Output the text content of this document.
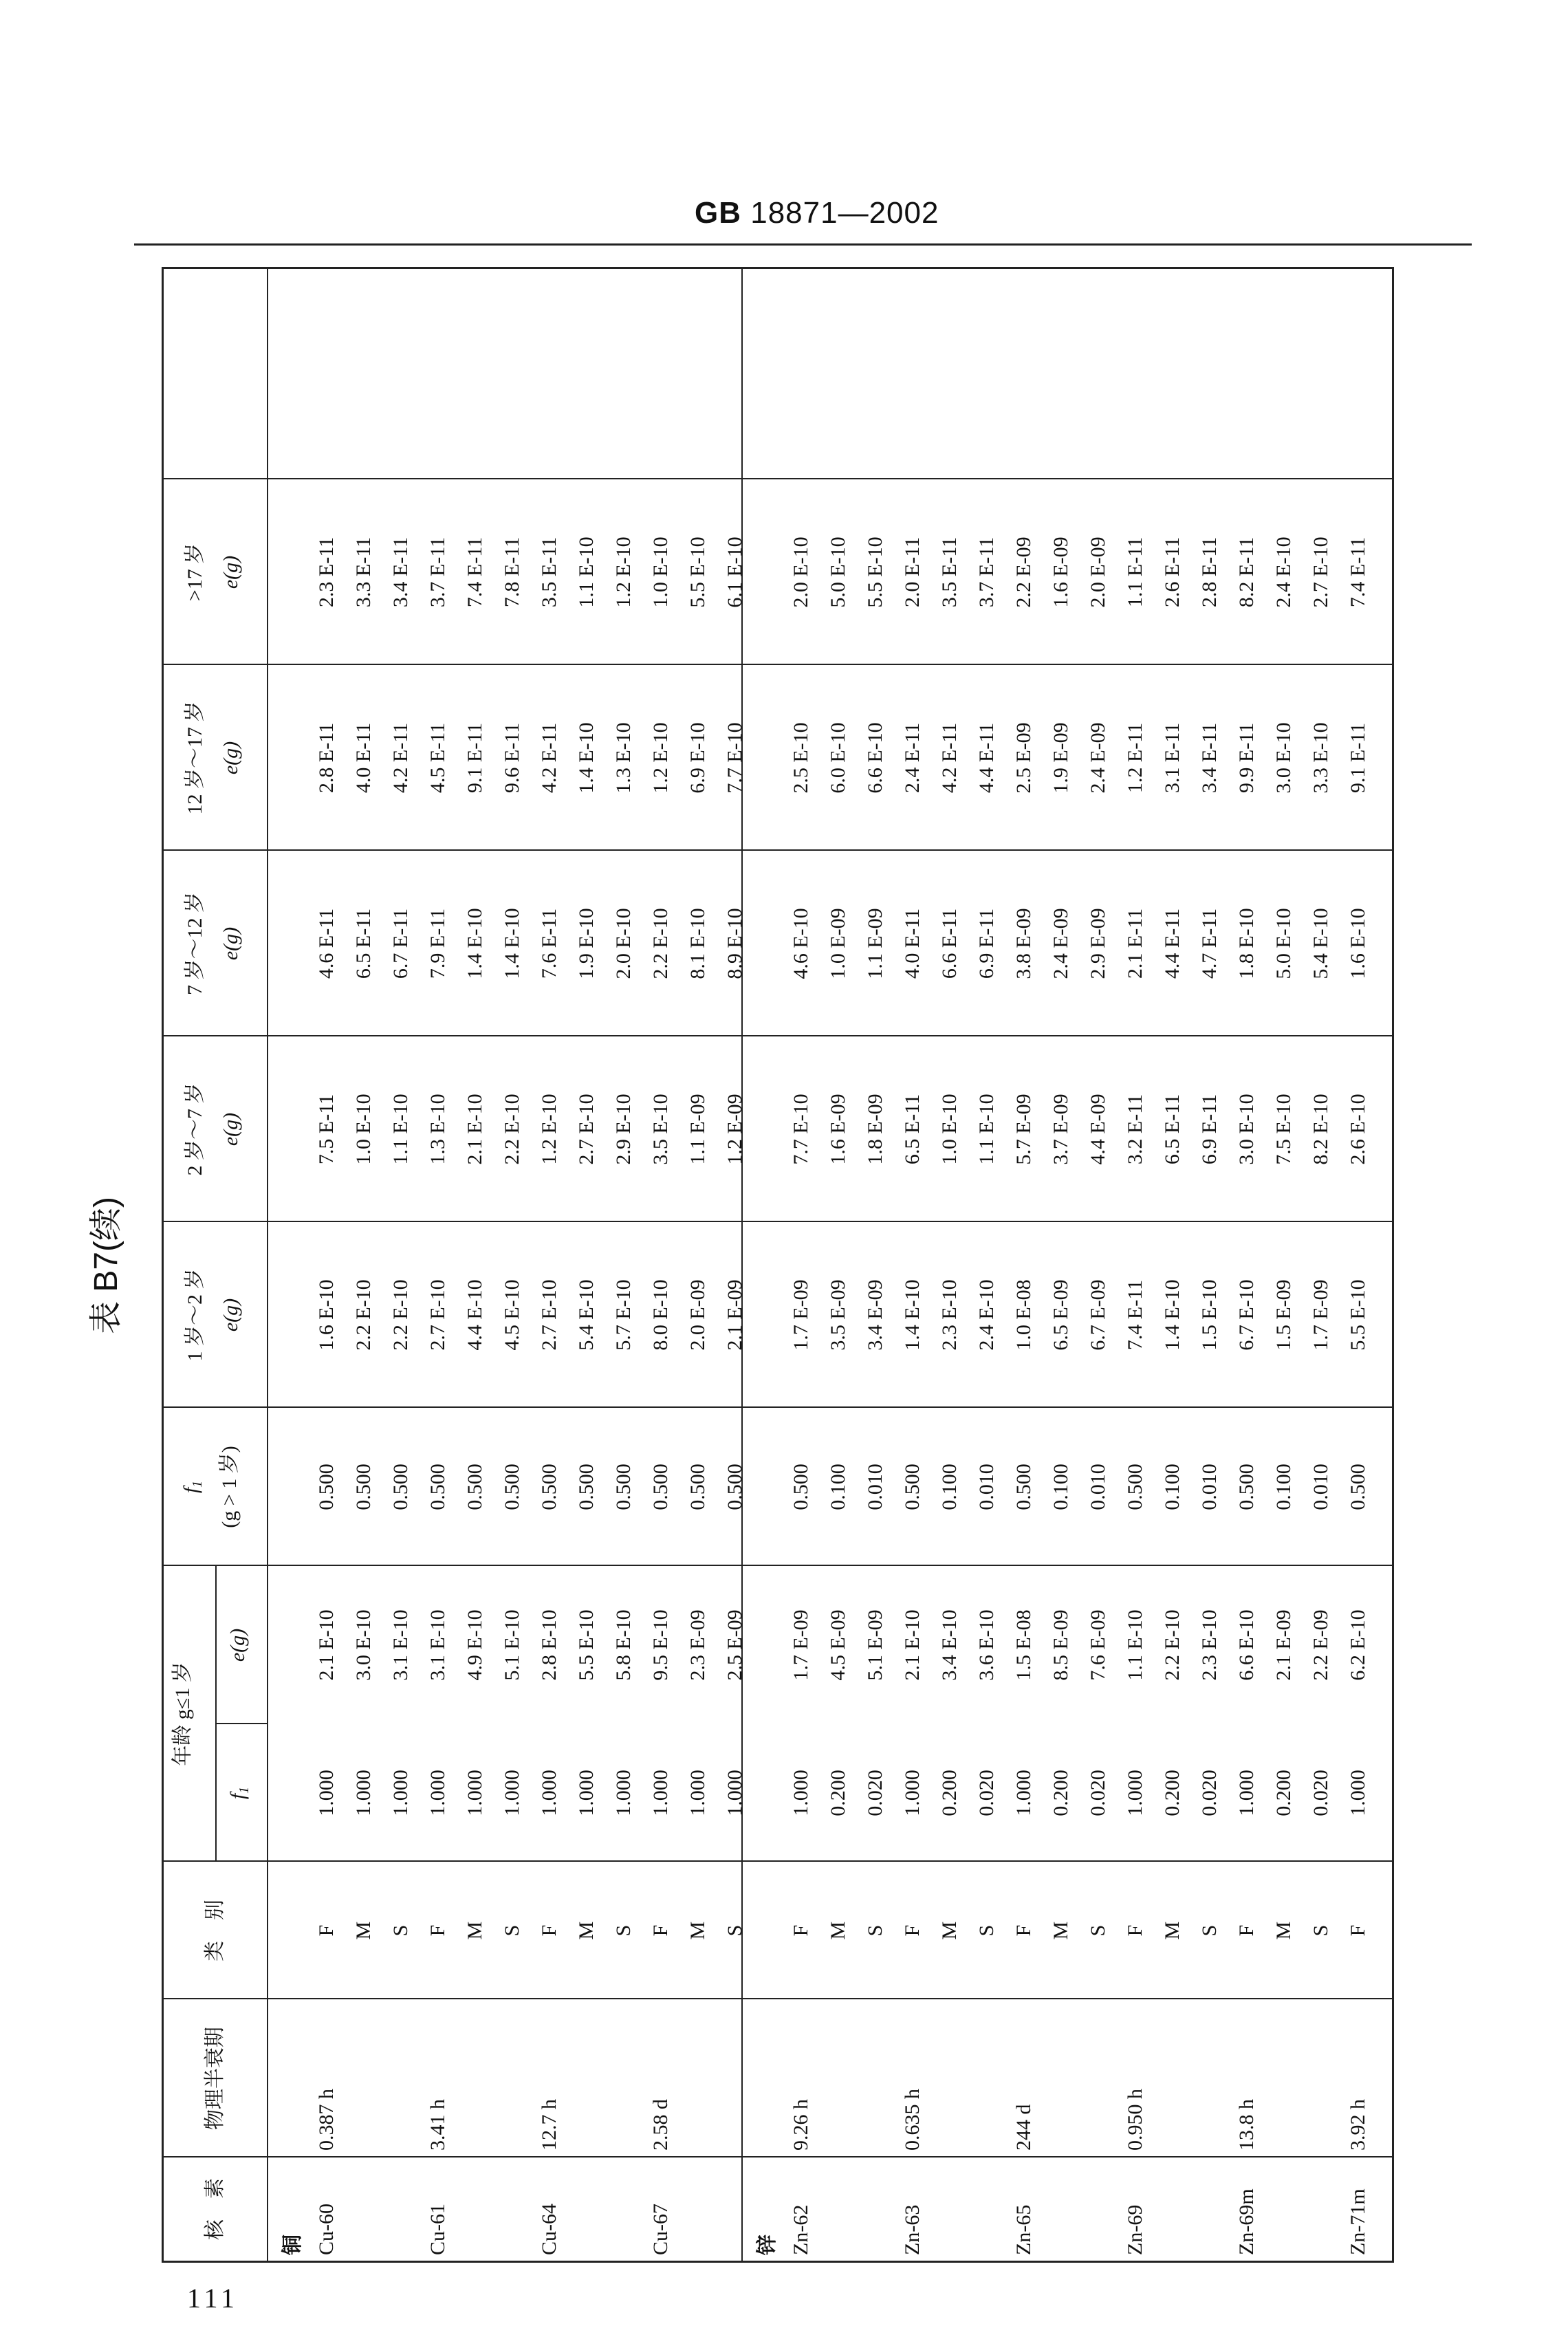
GB 18871—2002
表 B7(续)
核　素
物理半衰期
类　别
年龄 g≤1 岁
$f_1$
e(g)
$f_1$ (g > 1 岁)
1 岁～2 岁 e(g)
2 岁～7 岁 e(g)
7 岁～12 岁 e(g)
12 岁～17 岁 e(g)
>17 岁 e(g)
铜 Cu-60
0.387 h
F
1.000
2.1 E-10
0.500
1.6 E-10
7.5 E-11
4.6 E-11
2.8 E-11
2.3 E-11
M
1.000
3.0 E-10
0.500
2.2 E-10
1.0 E-10
6.5 E-11
4.0 E-11
3.3 E-11
S
1.000
3.1 E-10
0.500
2.2 E-10
1.1 E-10
6.7 E-11
4.2 E-11
3.4 E-11
Cu-61
3.41 h
F
1.000
3.1 E-10
0.500
2.7 E-10
1.3 E-10
7.9 E-11
4.5 E-11
3.7 E-11
M
1.000
4.9 E-10
0.500
4.4 E-10
2.1 E-10
1.4 E-10
9.1 E-11
7.4 E-11
S
1.000
5.1 E-10
0.500
4.5 E-10
2.2 E-10
1.4 E-10
9.6 E-11
7.8 E-11
Cu-64
12.7 h
F
1.000
2.8 E-10
0.500
2.7 E-10
1.2 E-10
7.6 E-11
4.2 E-11
3.5 E-11
M
1.000
5.5 E-10
0.500
5.4 E-10
2.7 E-10
1.9 E-10
1.4 E-10
1.1 E-10
S
1.000
5.8 E-10
0.500
5.7 E-10
2.9 E-10
2.0 E-10
1.3 E-10
1.2 E-10
Cu-67
2.58 d
F
1.000
9.5 E-10
0.500
8.0 E-10
3.5 E-10
2.2 E-10
1.2 E-10
1.0 E-10
M
1.000
2.3 E-09
0.500
2.0 E-09
1.1 E-09
8.1 E-10
6.9 E-10
5.5 E-10
S
1.000
2.5 E-09
0.500
2.1 E-09
1.2 E-09
8.9 E-10
7.7 E-10
6.1 E-10
锌 Zn-62
9.26 h
F
1.000
1.7 E-09
0.500
1.7 E-09
7.7 E-10
4.6 E-10
2.5 E-10
2.0 E-10
M
0.200
4.5 E-09
0.100
3.5 E-09
1.6 E-09
1.0 E-09
6.0 E-10
5.0 E-10
S
0.020
5.1 E-09
0.010
3.4 E-09
1.8 E-09
1.1 E-09
6.6 E-10
5.5 E-10
Zn-63
0.635 h
F
1.000
2.1 E-10
0.500
1.4 E-10
6.5 E-11
4.0 E-11
2.4 E-11
2.0 E-11
M
0.200
3.4 E-10
0.100
2.3 E-10
1.0 E-10
6.6 E-11
4.2 E-11
3.5 E-11
S
0.020
3.6 E-10
0.010
2.4 E-10
1.1 E-10
6.9 E-11
4.4 E-11
3.7 E-11
Zn-65
244 d
F
1.000
1.5 E-08
0.500
1.0 E-08
5.7 E-09
3.8 E-09
2.5 E-09
2.2 E-09
M
0.200
8.5 E-09
0.100
6.5 E-09
3.7 E-09
2.4 E-09
1.9 E-09
1.6 E-09
S
0.020
7.6 E-09
0.010
6.7 E-09
4.4 E-09
2.9 E-09
2.4 E-09
2.0 E-09
Zn-69
0.950 h
F
1.000
1.1 E-10
0.500
7.4 E-11
3.2 E-11
2.1 E-11
1.2 E-11
1.1 E-11
M
0.200
2.2 E-10
0.100
1.4 E-10
6.5 E-11
4.4 E-11
3.1 E-11
2.6 E-11
S
0.020
2.3 E-10
0.010
1.5 E-10
6.9 E-11
4.7 E-11
3.4 E-11
2.8 E-11
Zn-69m
13.8 h
F
1.000
6.6 E-10
0.500
6.7 E-10
3.0 E-10
1.8 E-10
9.9 E-11
8.2 E-11
M
0.200
2.1 E-09
0.100
1.5 E-09
7.5 E-10
5.0 E-10
3.0 E-10
2.4 E-10
S
0.020
2.2 E-09
0.010
1.7 E-09
8.2 E-10
5.4 E-10
3.3 E-10
2.7 E-10
Zn-71m
3.92 h
F
1.000
6.2 E-10
0.500
5.5 E-10
2.6 E-10
1.6 E-10
9.1 E-11
7.4 E-11
111
